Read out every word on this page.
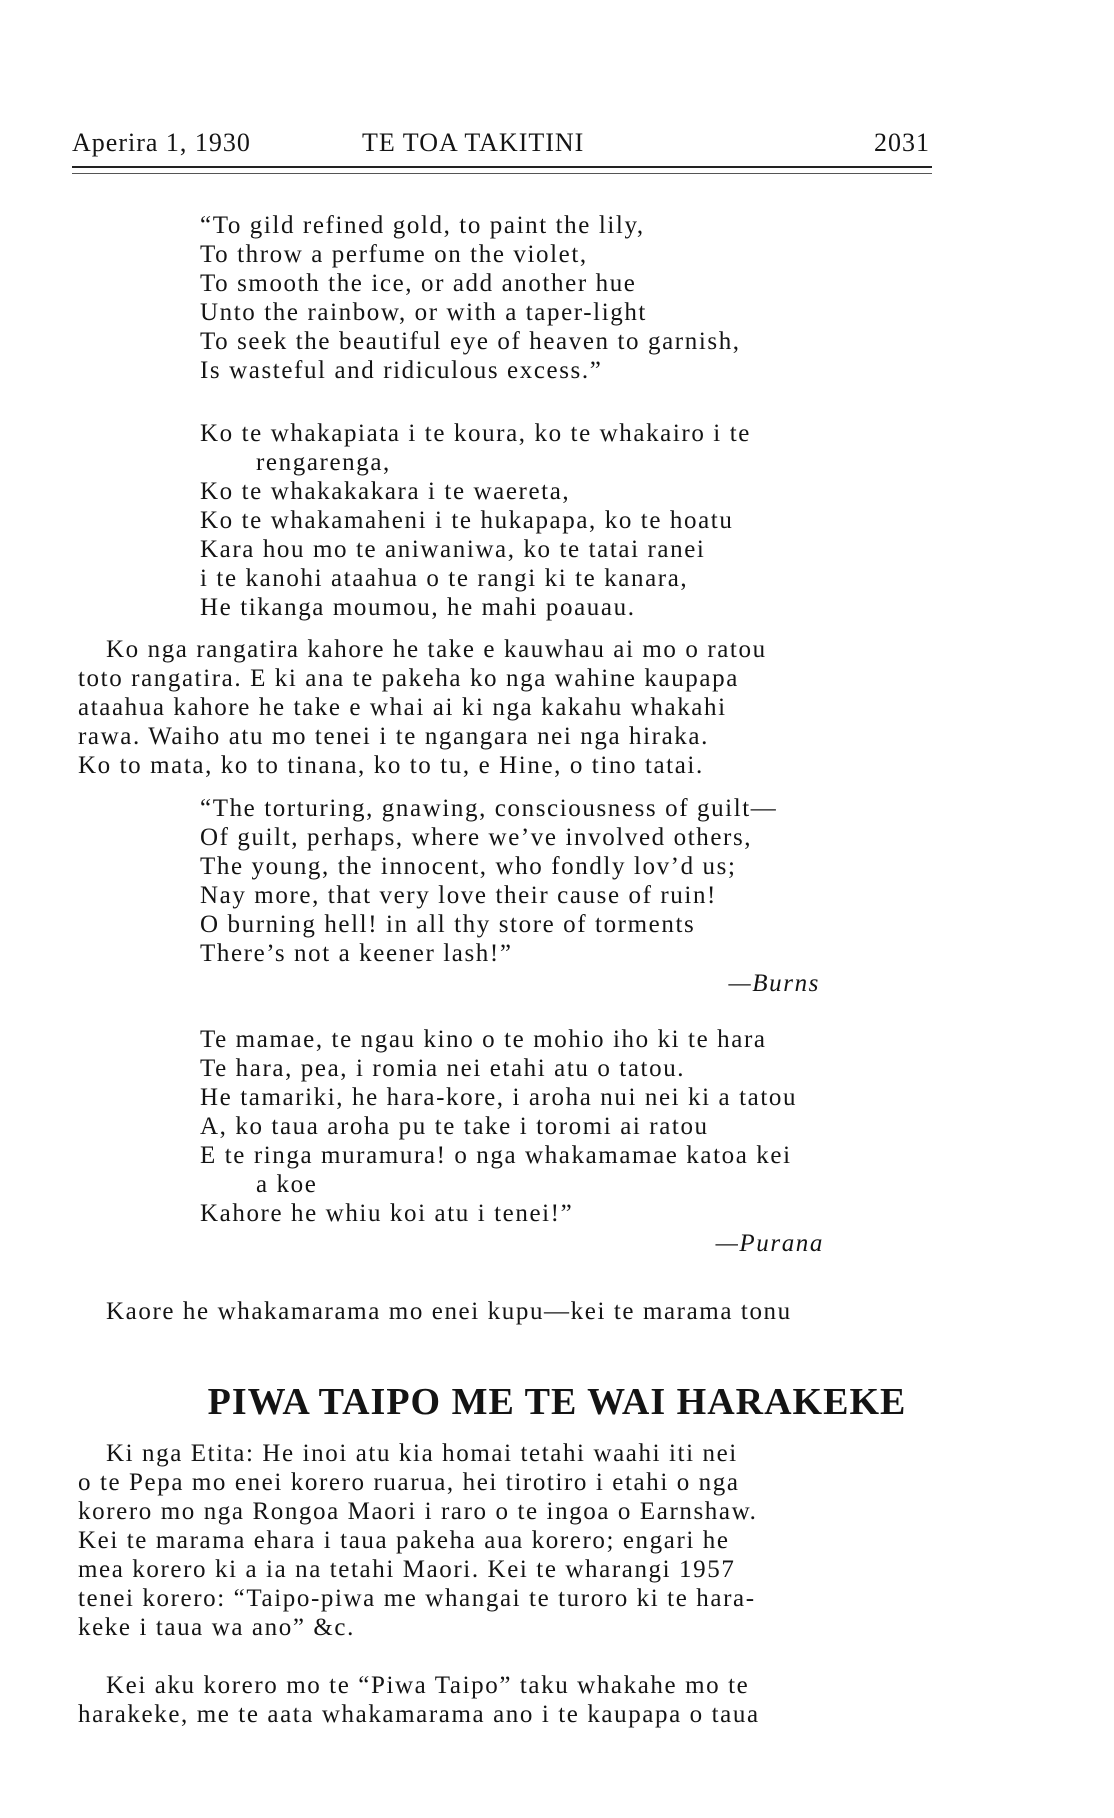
Aperira 1, 1930	TE TOA TAKITINI	2031
“To gild refined gold, to paint the lily,
To throw a perfume on the violet,
To smooth the ice, or add another hue
Unto the rainbow, or with a taper-light
To seek the beautiful eye of heaven to garnish,
Is wasteful and ridiculous excess.”
Ko te whakapiata i te koura, ko te whakairo i te
rengarenga,
Ko te whakakakara i te waereta,
Ko te whakamaheni i te hukapapa, ko te hoatu
Kara hou mo te aniwaniwa, ko te tatai ranei
i te kanohi ataahua o te rangi ki te kanara,
He tikanga moumou, he mahi poauau.
Ko nga rangatira kahore he take e kauwhau ai mo o ratou
toto rangatira. E ki ana te pakeha ko nga wahine kaupapa
ataahua kahore he take e whai ai ki nga kakahu whakahi
rawa. Waiho atu mo tenei i te ngangara nei nga hiraka.
Ko to mata, ko to tinana, ko to tu, e Hine, o tino tatai.
“The torturing, gnawing, consciousness of guilt—
Of guilt, perhaps, where we’ve involved others,
The young, the innocent, who fondly lov’d us;
Nay more, that very love their cause of ruin!
O burning hell! in all thy store of torments
There’s not a keener lash!”
—Burns
Te mamae, te ngau kino o te mohio iho ki te hara
Te hara, pea, i romia nei etahi atu o tatou.
He tamariki, he hara-kore, i aroha nui nei ki a tatou
A, ko taua aroha pu te take i toromi ai ratou
E te ringa muramura! o nga whakamamae katoa kei
a koe
Kahore he whiu koi atu i tenei!”
—Purana
Kaore he whakamarama mo enei kupu—kei te marama tonu
PIWA TAIPO ME TE WAI HARAKEKE
Ki nga Etita: He inoi atu kia homai tetahi waahi iti nei
o te Pepa mo enei korero ruarua, hei tirotiro i etahi o nga
korero mo nga Rongoa Maori i raro o te ingoa o Earnshaw.
Kei te marama ehara i taua pakeha aua korero; engari he
mea korero ki a ia na tetahi Maori. Kei te wharangi 1957
tenei korero: “Taipo-piwa me whangai te turoro ki te hara-
keke i taua wa ano” &c.
Kei aku korero mo te “Piwa Taipo” taku whakahe mo te
harakeke, me te aata whakamarama ano i te kaupapa o taua
